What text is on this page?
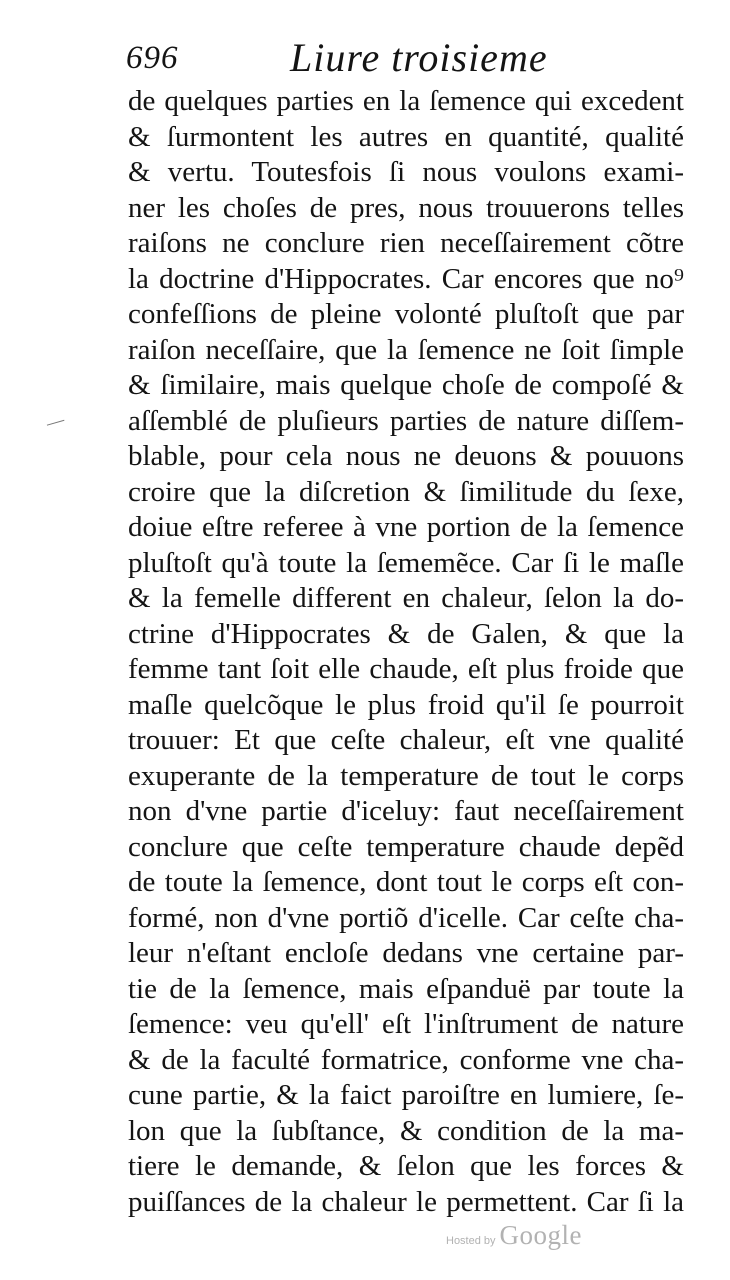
696	Liure troisieme
de quelques parties en la ſemence qui excedent
& ſurmontent les autres en quantité, qualité
& vertu. Toutesfois ſi nous voulons exami-
ner les choſes de pres, nous trouuerons telles
raiſons ne conclure rien neceſſairement cõtre
la doctrine d'Hippocrates. Car encores que no⁹
confeſſions de pleine volonté pluſtoſt que par
raiſon neceſſaire, que la ſemence ne ſoit ſimple
& ſimilaire, mais quelque choſe de compoſé &
aſſemblé de pluſieurs parties de nature diſſem-
blable, pour cela nous ne deuons & pouuons
croire que la diſcretion & ſimilitude du ſexe,
doiue eſtre referee à vne portion de la ſemence
pluſtoſt qu'à toute la ſememẽce. Car ſi le maſle
& la femelle different en chaleur, ſelon la do-
ctrine d'Hippocrates & de Galen, & que la
femme tant ſoit elle chaude, eſt plus froide que
maſle quelcõque le plus froid qu'il ſe pourroit
trouuer: Et que ceſte chaleur, eſt vne qualité
exuperante de la temperature de tout le corps
non d'vne partie d'iceluy: faut neceſſairement
conclure que ceſte temperature chaude depẽd
de toute la ſemence, dont tout le corps eſt con-
formé, non d'vne portiõ d'icelle. Car ceſte cha-
leur n'eſtant encloſe dedans vne certaine par-
tie de la ſemence, mais eſpanduë par toute la
ſemence: veu qu'ell' eſt l'inſtrument de nature
& de la faculté formatrice, conforme vne cha-
cune partie, & la faict paroiſtre en lumiere, ſe-
lon que la ſubſtance, & condition de la ma-
tiere le demande, & ſelon que les forces &
puiſſances de la chaleur le permettent. Car ſi la
Hosted by Google
